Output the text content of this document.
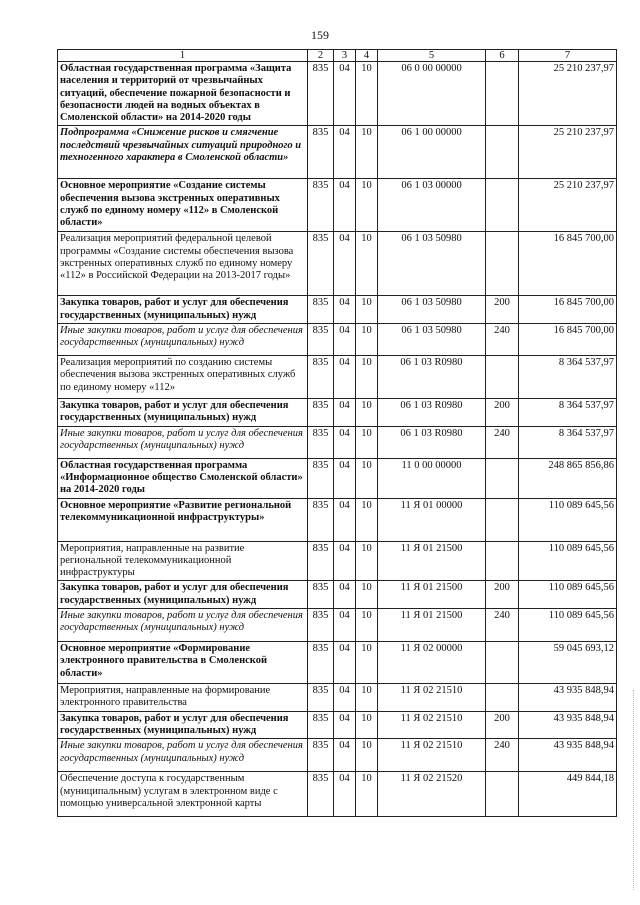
159
1	2	3	4	5	6	7
Областная государственная программа «Защита населения и территорий от чрезвычайных ситуаций, обеспечение пожарной безопасности и безопасности людей на водных объектах в Смоленской области» на 2014-2020 годы	835	04	10	06 0 00 00000		25 210 237,97
Подпрограмма «Снижение рисков и смягчение последствий чрезвычайных ситуаций природного и техногенного характера в Смоленской области»	835	04	10	06 1 00 00000		25 210 237,97
Основное мероприятие «Создание системы обеспечения вызова экстренных оперативных служб по единому номеру «112» в Смоленской области»	835	04	10	06 1 03 00000		25 210 237,97
Реализация мероприятий федеральной целевой программы «Создание системы обеспечения вызова экстренных оперативных служб по единому номеру «112» в Российской Федерации на 2013-2017 годы»	835	04	10	06 1 03 50980		16 845 700,00
Закупка товаров, работ и услуг для обеспечения государственных (муниципальных) нужд	835	04	10	06 1 03 50980	200	16 845 700,00
Иные закупки товаров, работ и услуг для обеспечения государственных (муниципальных) нужд	835	04	10	06 1 03 50980	240	16 845 700,00
Реализация мероприятий по созданию системы обеспечения вызова экстренных оперативных служб по единому номеру «112»	835	04	10	06 1 03 R0980		8 364 537,97
Закупка товаров, работ и услуг для обеспечения государственных (муниципальных) нужд	835	04	10	06 1 03 R0980	200	8 364 537,97
Иные закупки товаров, работ и услуг для обеспечения государственных (муниципальных) нужд	835	04	10	06 1 03 R0980	240	8 364 537,97
Областная государственная программа «Информационное общество Смоленской области» на 2014-2020 годы	835	04	10	11 0 00 00000		248 865 856,86
Основное мероприятие «Развитие региональной телекоммуникационной инфраструктуры»	835	04	10	11 Я 01 00000		110 089 645,56
Мероприятия, направленные на развитие региональной телекоммуникационной инфраструктуры	835	04	10	11 Я 01 21500		110 089 645,56
Закупка товаров, работ и услуг для обеспечения государственных (муниципальных) нужд	835	04	10	11 Я 01 21500	200	110 089 645,56
Иные закупки товаров, работ и услуг для обеспечения государственных (муниципальных) нужд	835	04	10	11 Я 01 21500	240	110 089 645,56
Основное мероприятие «Формирование электронного правительства в Смоленской области»	835	04	10	11 Я 02 00000		59 045 693,12
Мероприятия, направленные на формирование электронного правительства	835	04	10	11 Я 02 21510		43 935 848,94
Закупка товаров, работ и услуг для обеспечения государственных (муниципальных) нужд	835	04	10	11 Я 02 21510	200	43 935 848,94
Иные закупки товаров, работ и услуг для обеспечения государственных (муниципальных) нужд	835	04	10	11 Я 02 21510	240	43 935 848,94
Обеспечение доступа к государственным (муниципальным) услугам в электронном виде с помощью универсальной электронной карты	835	04	10	11 Я 02 21520		449 844,18
